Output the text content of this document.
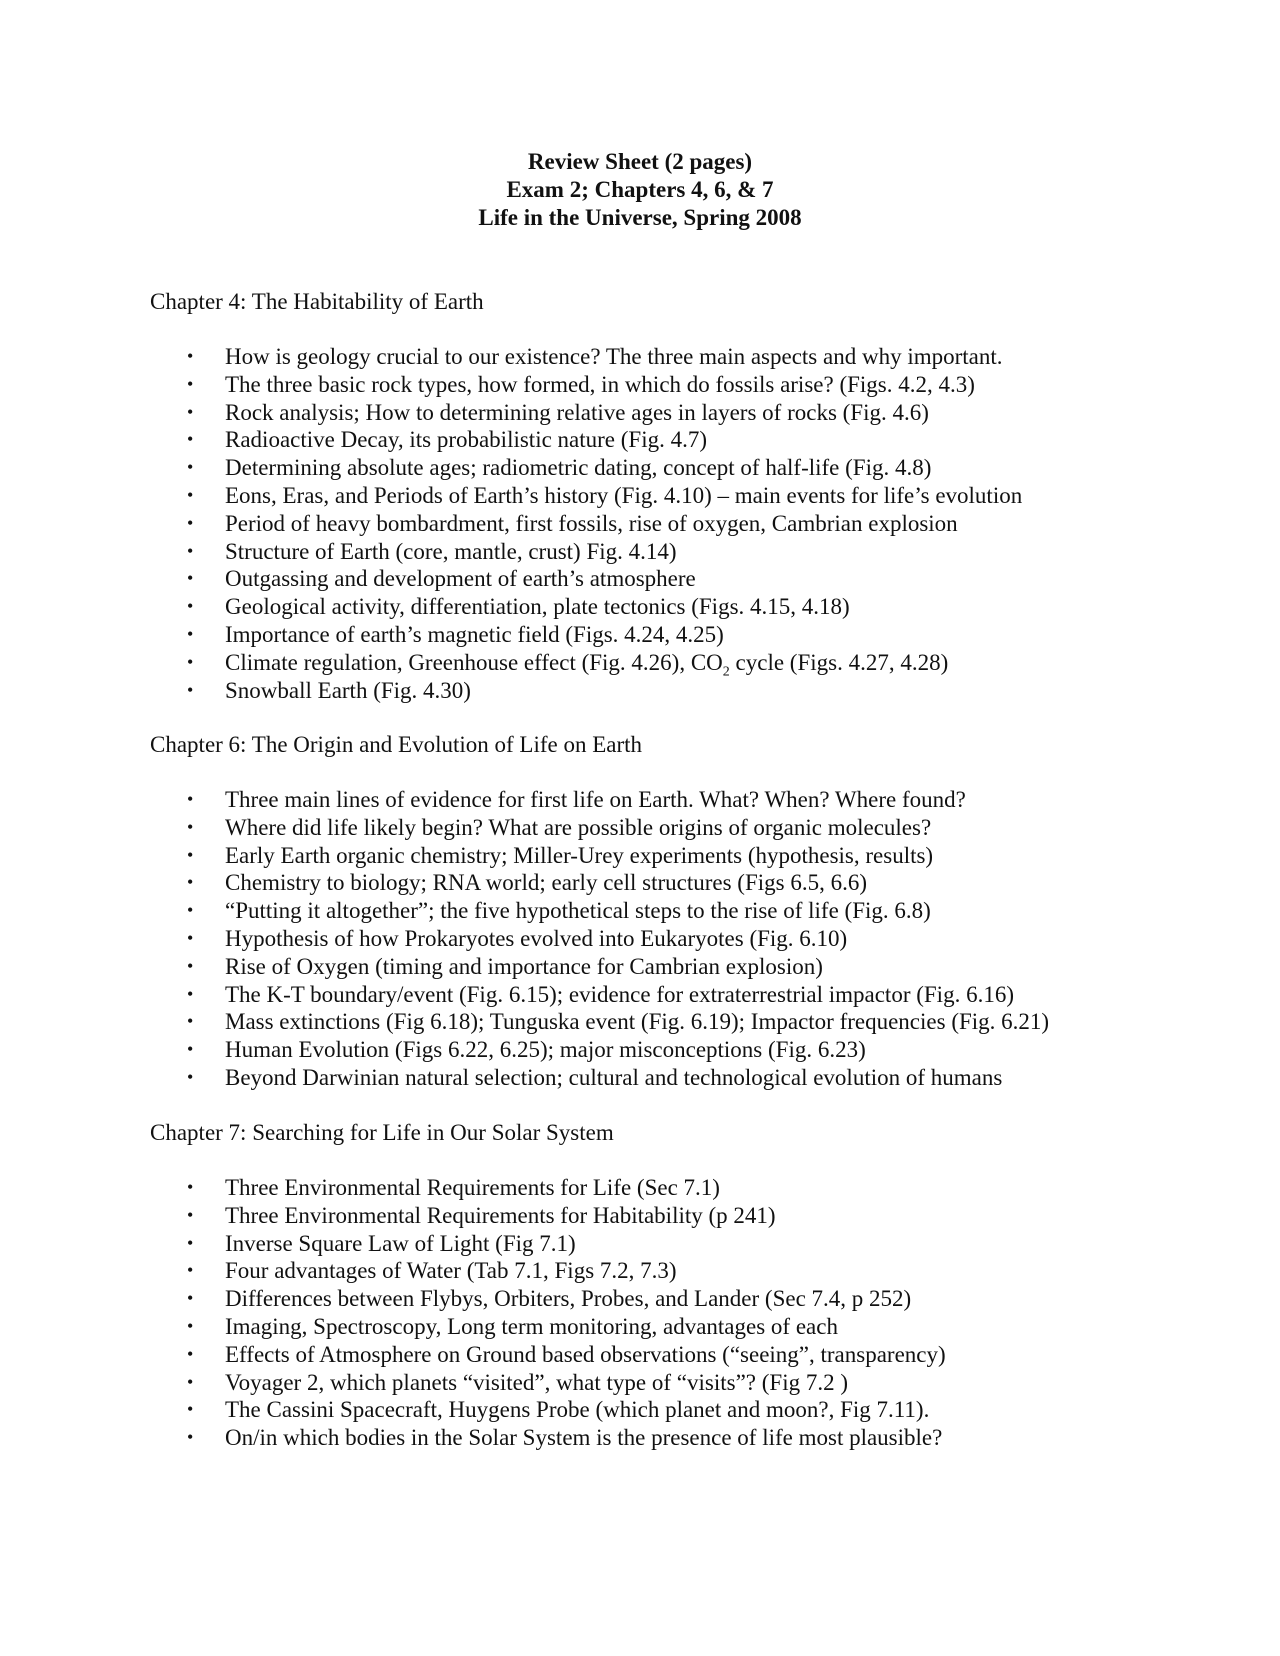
Review Sheet (2 pages)
Exam 2; Chapters 4, 6, & 7
Life in the Universe, Spring 2008
Chapter 4: The Habitability of Earth
• How is geology crucial to our existence? The three main aspects and why important.
• The three basic rock types, how formed, in which do fossils arise? (Figs. 4.2, 4.3)
• Rock analysis; How to determining relative ages in layers of rocks (Fig. 4.6)
• Radioactive Decay, its probabilistic nature (Fig. 4.7)
• Determining absolute ages; radiometric dating, concept of half-life (Fig. 4.8)
• Eons, Eras, and Periods of Earth’s history (Fig. 4.10) – main events for life’s evolution
• Period of heavy bombardment, first fossils, rise of oxygen, Cambrian explosion
• Structure of Earth (core, mantle, crust) Fig. 4.14)
• Outgassing and development of earth’s atmosphere
• Geological activity, differentiation, plate tectonics (Figs. 4.15, 4.18)
• Importance of earth’s magnetic field (Figs. 4.24, 4.25)
• Climate regulation, Greenhouse effect (Fig. 4.26), $CO_2$ cycle (Figs. 4.27, 4.28)
• Snowball Earth (Fig. 4.30)
Chapter 6: The Origin and Evolution of Life on Earth
• Three main lines of evidence for first life on Earth. What? When? Where found?
• Where did life likely begin? What are possible origins of organic molecules?
• Early Earth organic chemistry; Miller-Urey experiments (hypothesis, results)
• Chemistry to biology; RNA world; early cell structures (Figs 6.5, 6.6)
• “Putting it altogether”; the five hypothetical steps to the rise of life (Fig. 6.8)
• Hypothesis of how Prokaryotes evolved into Eukaryotes (Fig. 6.10)
• Rise of Oxygen (timing and importance for Cambrian explosion)
• The K-T boundary/event (Fig. 6.15); evidence for extraterrestrial impactor (Fig. 6.16)
• Mass extinctions (Fig 6.18); Tunguska event (Fig. 6.19); Impactor frequencies (Fig. 6.21)
• Human Evolution (Figs 6.22, 6.25); major misconceptions (Fig. 6.23)
• Beyond Darwinian natural selection; cultural and technological evolution of humans
Chapter 7: Searching for Life in Our Solar System
• Three Environmental Requirements for Life (Sec 7.1)
• Three Environmental Requirements for Habitability (p 241)
• Inverse Square Law of Light (Fig 7.1)
• Four advantages of Water (Tab 7.1, Figs 7.2, 7.3)
• Differences between Flybys, Orbiters, Probes, and Lander (Sec 7.4, p 252)
• Imaging, Spectroscopy, Long term monitoring, advantages of each
• Effects of Atmosphere on Ground based observations (“seeing”, transparency)
• Voyager 2, which planets “visited”, what type of “visits”? (Fig 7.2 )
• The Cassini Spacecraft, Huygens Probe (which planet and moon?, Fig 7.11).
• On/in which bodies in the Solar System is the presence of life most plausible?
